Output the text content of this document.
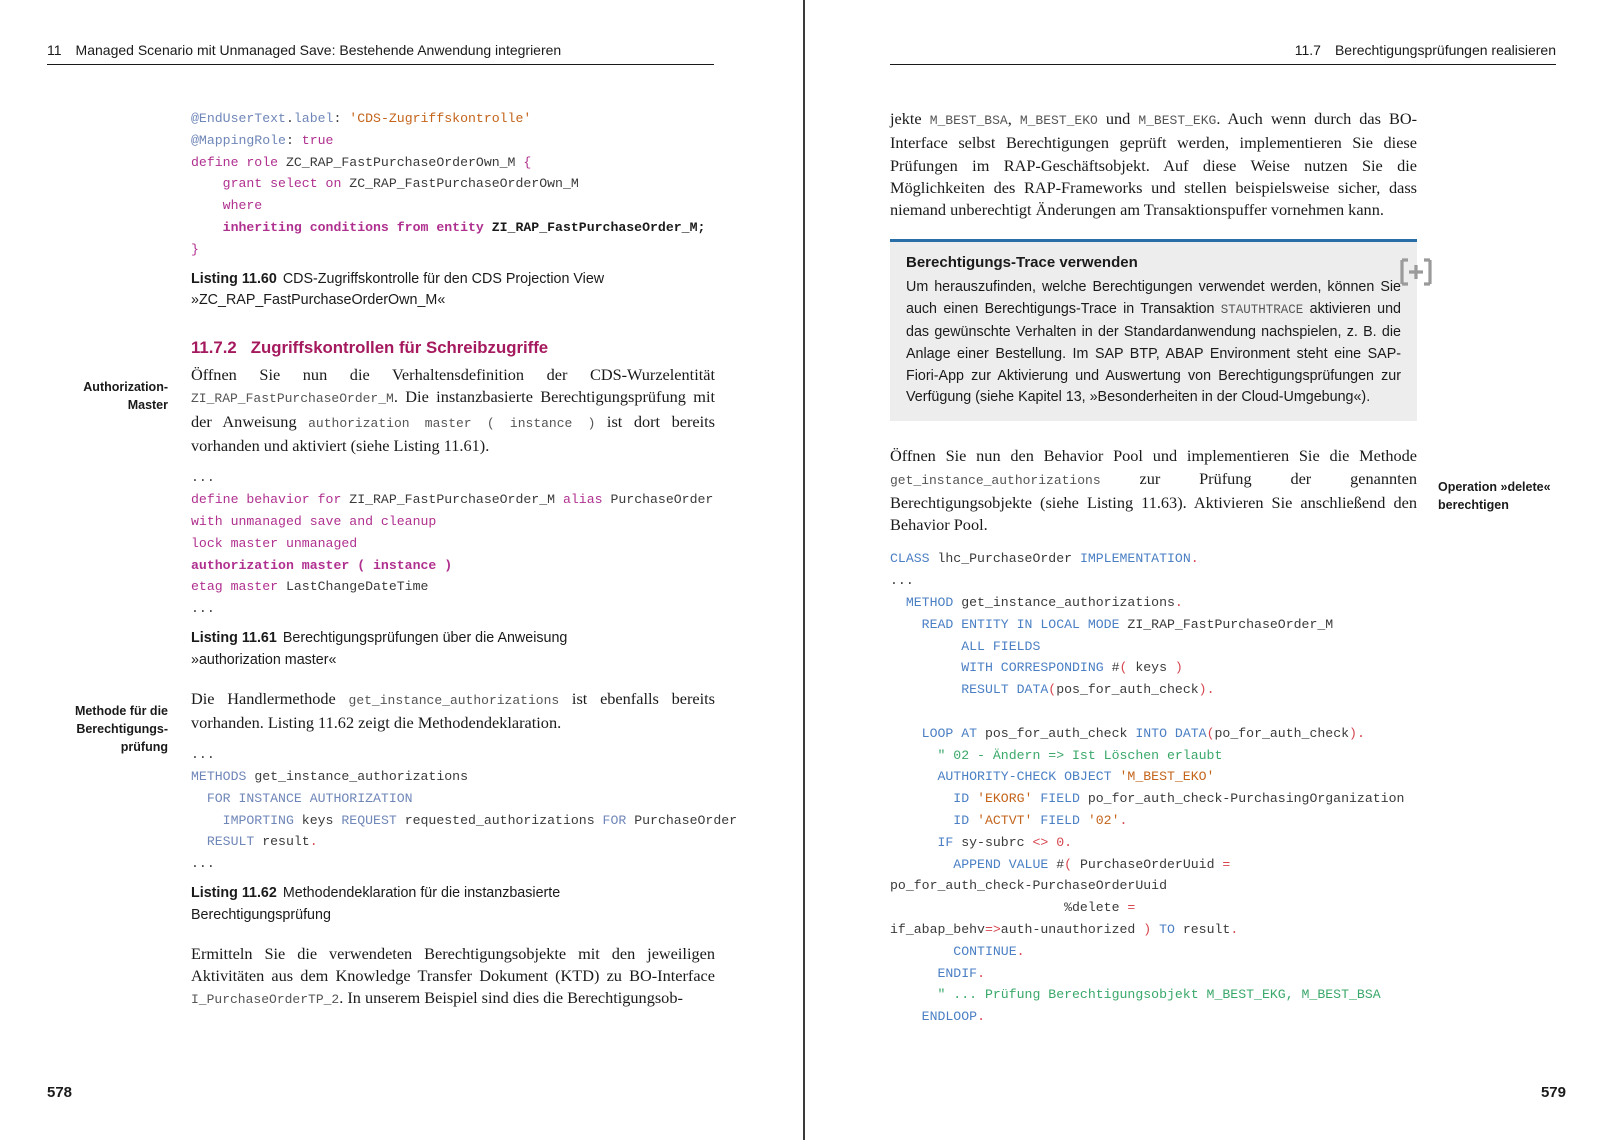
11 Managed Scenario mit Unmanaged Save: Bestehende Anwendung integrieren
@EndUserText.label: 'CDS-Zugriffskontrolle'
@MappingRole: true
define role ZC_RAP_FastPurchaseOrderOwn_M {
grant select on ZC_RAP_FastPurchaseOrderOwn_M
where
inheriting conditions from entity ZI_RAP_FastPurchaseOrder_M;
}
Listing 11.60 CDS-Zugriffskontrolle für den CDS Projection View
»ZC_RAP_FastPurchaseOrderOwn_M«
11.7.2 Zugriffskontrollen für Schreibzugriffe

Öffnen Sie nun die Verhaltensdefinition der CDS-Wurzelentität ZI_RAP_FastPurchaseOrder_M. Die instanzbasierte Berechtigungsprüfung mit der Anweisung authorization master ( instance ) ist dort bereits vorhanden und aktiviert (siehe Listing 11.61).

...
define behavior for ZI_RAP_FastPurchaseOrder_M alias PurchaseOrder
with unmanaged save and cleanup
lock master unmanaged
authorization master ( instance )
etag master LastChangeDateTime
...
Listing 11.61 Berechtigungsprüfungen über die Anweisung
»authorization master«

Die Handlermethode get_instance_authorizations ist ebenfalls bereits vorhanden. Listing 11.62 zeigt die Methodendeklaration.

...
METHODS get_instance_authorizations
FOR INSTANCE AUTHORIZATION
IMPORTING keys REQUEST requested_authorizations FOR PurchaseOrder
RESULT result.
...
Listing 11.62 Methodendeklaration für die instanzbasierte
Berechtigungsprüfung

Ermitteln Sie die verwendeten Berechtigungsobjekte mit den jeweiligen Aktivitäten aus dem Knowledge Transfer Dokument (KTD) zu BO-Interface I_PurchaseOrderTP_2. In unserem Beispiel sind dies die Berechtigungsob-

Authorization-
Master
Methode für die
Berechtigungs-
prüfung
578
11.7 Berechtigungsprüfungen realisieren

jekte M_BEST_BSA, M_BEST_EKO und M_BEST_EKG. Auch wenn durch das BO-Interface selbst Berechtigungen geprüft werden, implementieren Sie diese Prüfungen im RAP-Geschäftsobjekt. Auf diese Weise nutzen Sie die Möglichkeiten des RAP-Frameworks und stellen beispielsweise sicher, dass niemand unberechtigt Änderungen am Transaktionspuffer vornehmen kann.

Berechtigungs-Trace verwenden

Um herauszufinden, welche Berechtigungen verwendet werden, können Sie auch einen Berechtigungs-Trace in Transaktion STAUTHTRACE aktivieren und das gewünschte Verhalten in der Standardanwendung nachspielen, z. B. die Anlage einer Bestellung. Im SAP BTP, ABAP Environment steht eine SAP-Fiori-App zur Aktivierung und Auswertung von Berechtigungsprüfungen zur Verfügung (siehe Kapitel 13, »Besonderheiten in der Cloud-Umgebung«).

Öffnen Sie nun den Behavior Pool und implementieren Sie die Methode get_instance_authorizations zur Prüfung der genannten Berechtigungsobjekte (siehe Listing 11.63). Aktivieren Sie anschließend den Behavior Pool.

CLASS lhc_PurchaseOrder IMPLEMENTATION.
...
METHOD get_instance_authorizations.
READ ENTITY IN LOCAL MODE ZI_RAP_FastPurchaseOrder_M
ALL FIELDS
WITH CORRESPONDING #( keys )
RESULT DATA(pos_for_auth_check).
LOOP AT pos_for_auth_check INTO DATA(po_for_auth_check).
" 02 - Ändern => Ist Löschen erlaubt
AUTHORITY-CHECK OBJECT 'M_BEST_EKO'
ID 'EKORG' FIELD po_for_auth_check-PurchasingOrganization
ID 'ACTVT' FIELD '02'.
IF sy-subrc <> 0.
APPEND VALUE #( PurchaseOrderUuid =
po_for_auth_check-PurchaseOrderUuid
%delete =
if_abap_behv=>auth-unauthorized ) TO result.
CONTINUE.
ENDIF.
" ... Prüfung Berechtigungsobjekt M_BEST_EKG, M_BEST_BSA
ENDLOOP.
Operation »delete«
berechtigen
579
